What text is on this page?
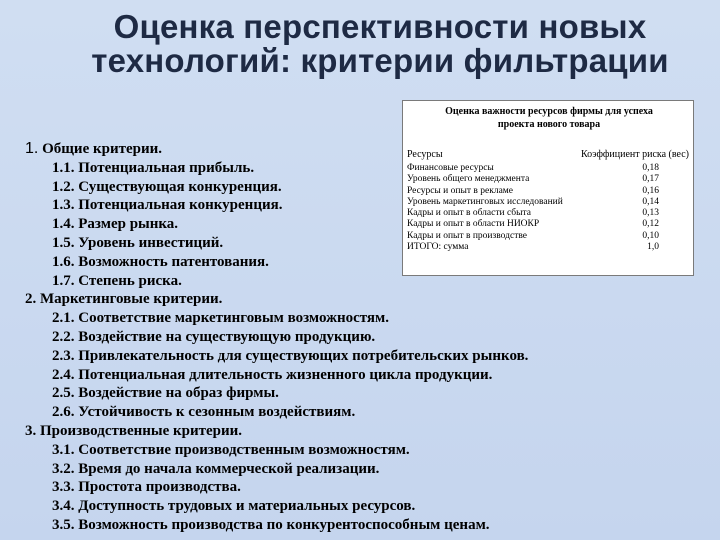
Оценка перспективности новых
технологий: критерии фильтрации
Оценка важности ресурсов фирмы для успеха
проекта нового товара
Ресурсы	Коэффициент риска (вес)
Финансовые ресурсы	0,18
Уровень общего менеджмента	0,17
Ресурсы и опыт в рекламе	0,16
Уровень маркетинговых исследований	0,14
Кадры и опыт в области сбыта	0,13
Кадры и опыт в области НИОКР	0,12
Кадры и опыт в производстве	0,10
ИТОГО: сумма	1,0
1. Общие критерии.
1.1. Потенциальная прибыль.
1.2. Существующая конкуренция.
1.3. Потенциальная конкуренция.
1.4. Размер рынка.
1.5. Уровень инвестиций.
1.6. Возможность патентования.
1.7. Степень риска.
2. Маркетинговые критерии.
2.1. Соответствие маркетинговым возможностям.
2.2. Воздействие на существующую продукцию.
2.3. Привлекательность для существующих потребительских рынков.
2.4. Потенциальная длительность жизненного цикла продукции.
2.5. Воздействие на образ фирмы.
2.6. Устойчивость к сезонным воздействиям.
3. Производственные критерии.
3.1. Соответствие производственным возможностям.
3.2. Время до начала коммерческой реализации.
3.3. Простота производства.
3.4. Доступность трудовых и материальных ресурсов.
3.5. Возможность производства по конкурентоспособным ценам.
